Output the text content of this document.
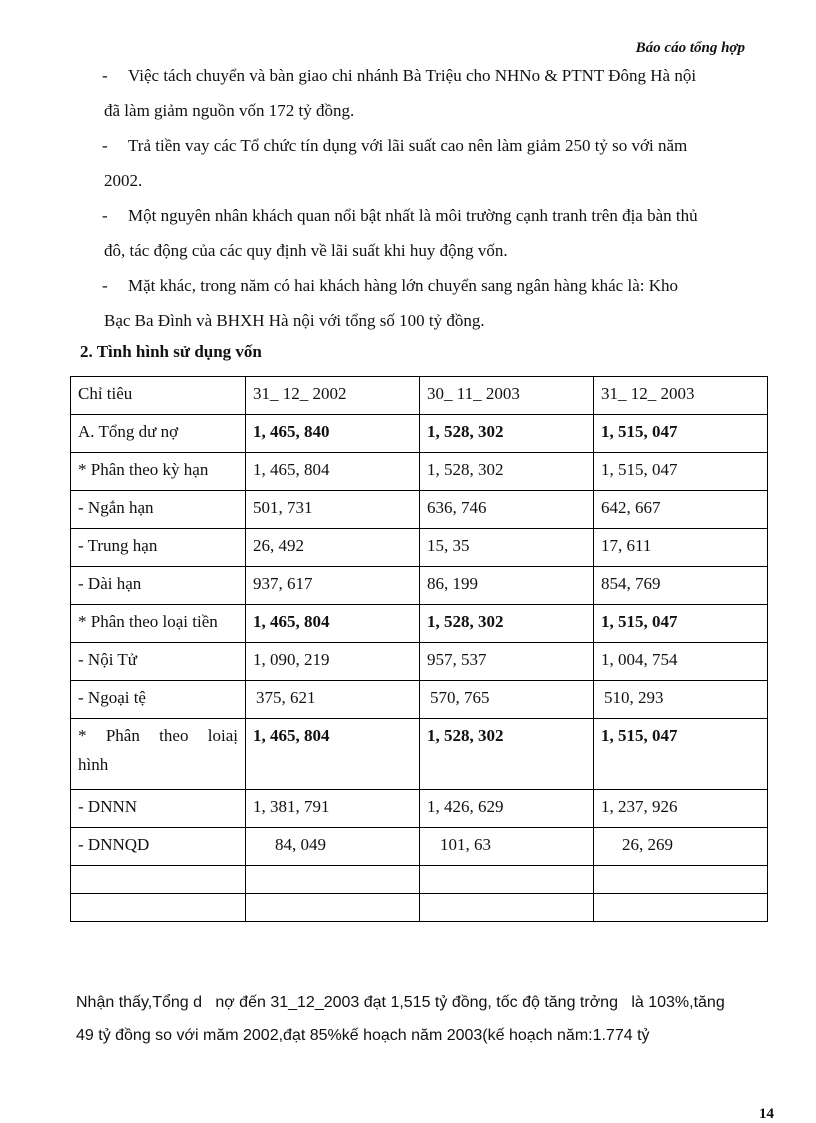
Báo cáo tổng hợp
-	Việc tách chuyển và bàn giao chi nhánh Bà Triệu cho NHNo & PTNT Đông Hà nội
đã làm giảm nguồn vốn 172 tỷ đồng.
-	Trả tiền vay các Tổ chức tín dụng với lãi suất cao nên làm giảm 250 tỷ so với năm
2002.
-	Một nguyên nhân khách quan nổi bật nhất là môi trường cạnh tranh trên địa bàn thủ
đô, tác động của các quy định về lãi suất khi huy động vốn.
-	Mặt khác, trong năm có hai khách hàng lớn chuyển sang ngân hàng khác là: Kho
Bạc Ba Đình và BHXH Hà nội với tổng số 100 tỷ đồng.
2. Tình hình sử dụng vốn
Chỉ tiêu	31_ 12_ 2002	30_ 11_ 2003	31_ 12_ 2003
A. Tổng dư nợ	1, 465, 840	1, 528, 302	1, 515, 047
* Phân theo kỳ hạn	1, 465, 804	1, 528, 302	1, 515, 047
- Ngắn hạn	501, 731	636, 746	642, 667
- Trung hạn	26, 492	15, 35	17, 611
- Dài hạn	937, 617	86, 199	854, 769
* Phân theo loại tiền	1, 465, 804	1, 528, 302	1, 515, 047
- Nội Tử	1, 090, 219	957, 537	1, 004, 754
- Ngoại tệ	375, 621	570, 765	510, 293

* Phân theo loiaị
hình	1, 465, 804	1, 528, 302	1, 515, 047
- DNNN	1, 381, 791	1, 426, 629	1, 237, 926
- DNNQD	84, 049	101, 63	26, 269

Nhận thấy,Tổng d   nợ đến 31_12_2003 đạt 1,515 tỷ đồng, tốc độ tăng trởng   là 103%,tăng
49 tỷ đồng so với măm 2002,đạt 85%kế hoạch năm 2003(kế hoạch năm:1.774 tỷ
14
